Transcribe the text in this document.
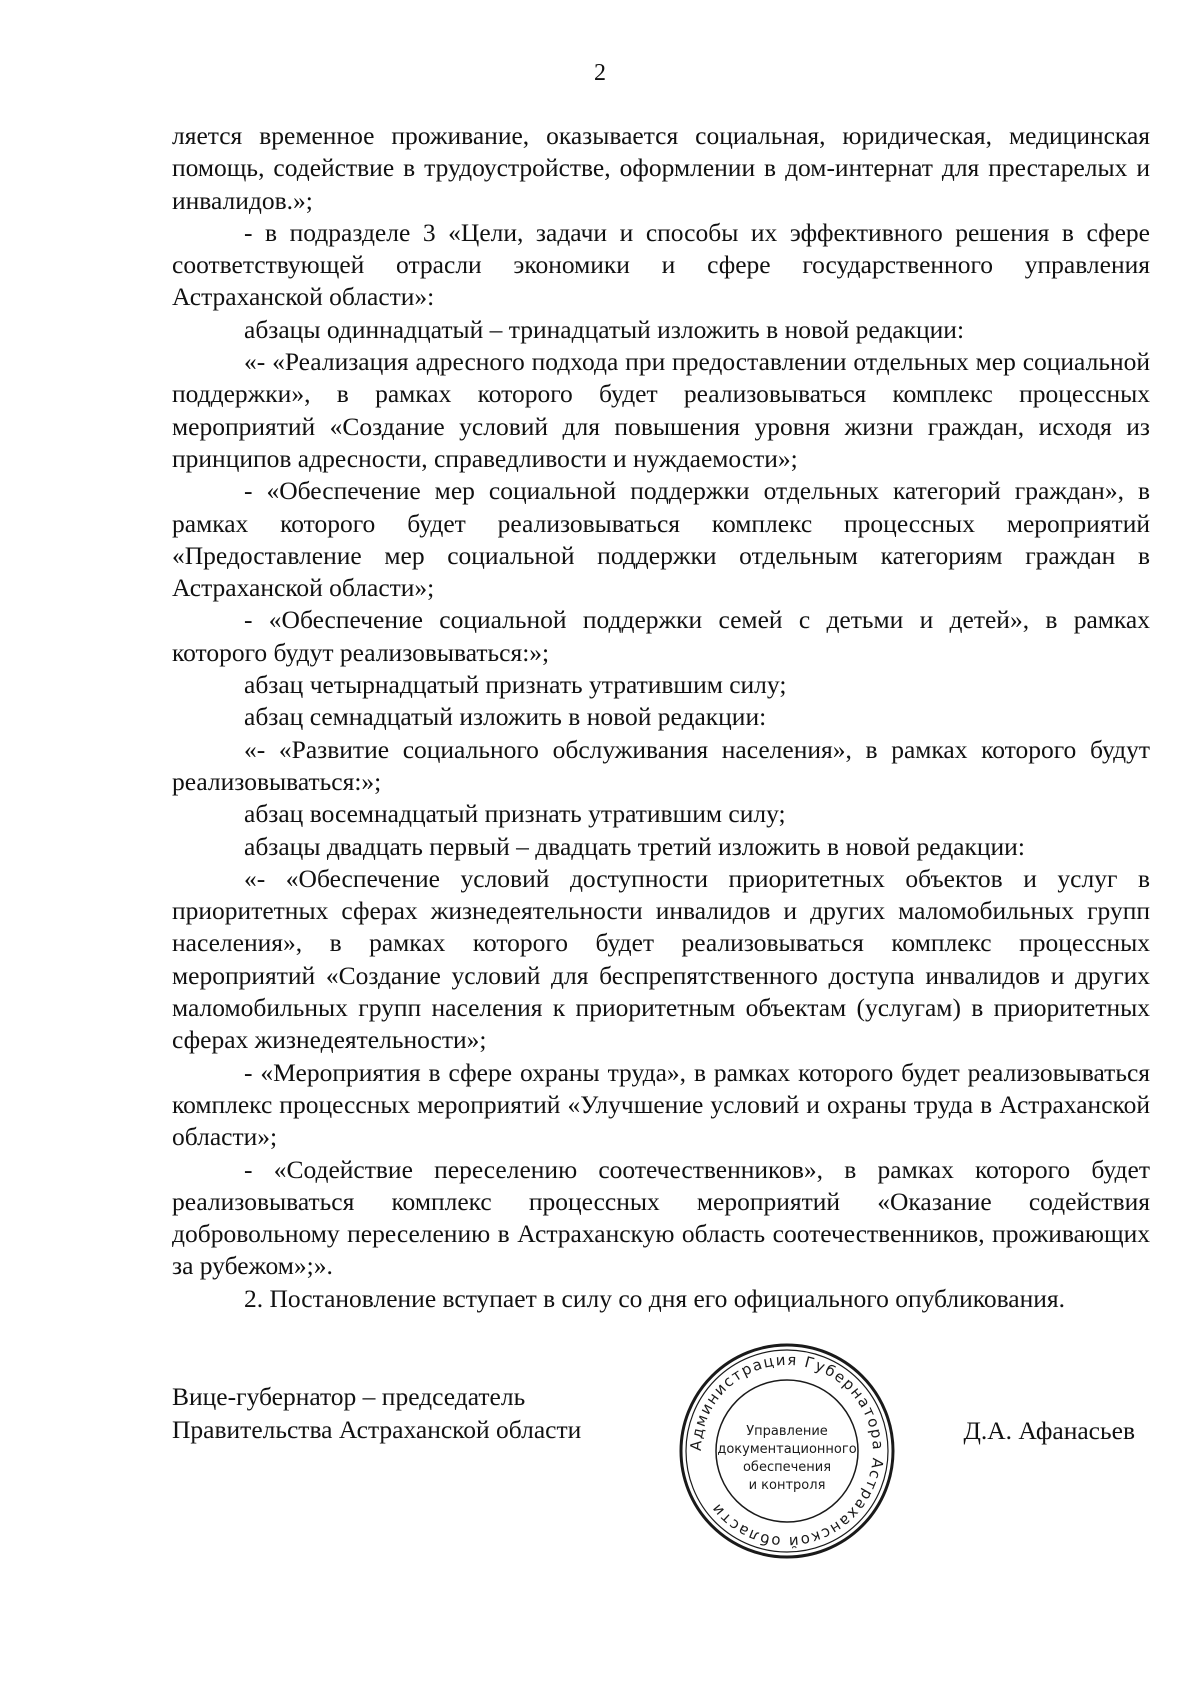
2

ляется временное проживание, оказывается социальная, юридическая, медицинская помощь, содействие в трудоустройстве, оформлении в дом-интернат для престарелых и инвалидов.»;

- в подразделе 3 «Цели, задачи и способы их эффективного решения в сфере соответствующей отрасли экономики и сфере государственного управления Астраханской области»:

абзацы одиннадцатый – тринадцатый изложить в новой редакции:

«- «Реализация адресного подхода при предоставлении отдельных мер социальной поддержки», в рамках которого будет реализовываться комплекс процессных мероприятий «Создание условий для повышения уровня жизни граждан, исходя из принципов адресности, справедливости и нуждаемости»;

- «Обеспечение мер социальной поддержки отдельных категорий граждан», в рамках которого будет реализовываться комплекс процессных мероприятий «Предоставление мер социальной поддержки отдельным категориям граждан в Астраханской области»;

- «Обеспечение социальной поддержки семей с детьми и детей», в рамках которого будут реализовываться:»;

абзац четырнадцатый признать утратившим силу;

абзац семнадцатый изложить в новой редакции:

«- «Развитие социального обслуживания населения», в рамках которого будут реализовываться:»;

абзац восемнадцатый признать утратившим силу;

абзацы двадцать первый – двадцать третий изложить в новой редакции:

«- «Обеспечение условий доступности приоритетных объектов и услуг в приоритетных сферах жизнедеятельности инвалидов и других маломобильных групп населения», в рамках которого будет реализовываться комплекс процессных мероприятий «Создание условий для беспрепятственного доступа инвалидов и других маломобильных групп населения к приоритетным объектам (услугам) в приоритетных сферах жизнедеятельности»;

- «Мероприятия в сфере охраны труда», в рамках которого будет реализовываться комплекс процессных мероприятий «Улучшение условий и охраны труда в Астраханской области»;

- «Содействие переселению соотечественников», в рамках которого будет реализовываться комплекс процессных мероприятий «Оказание содействия добровольному переселению в Астраханскую область соотечественников, проживающих за рубежом»;».

2. Постановление вступает в силу со дня его официального опубликования.

Вице-губернатор – председатель
Правительства Астраханской области
Администрация Губернатора Астраханской области
Управление
документационного
обеспечения
и контроля
Д.А. Афанасьев
